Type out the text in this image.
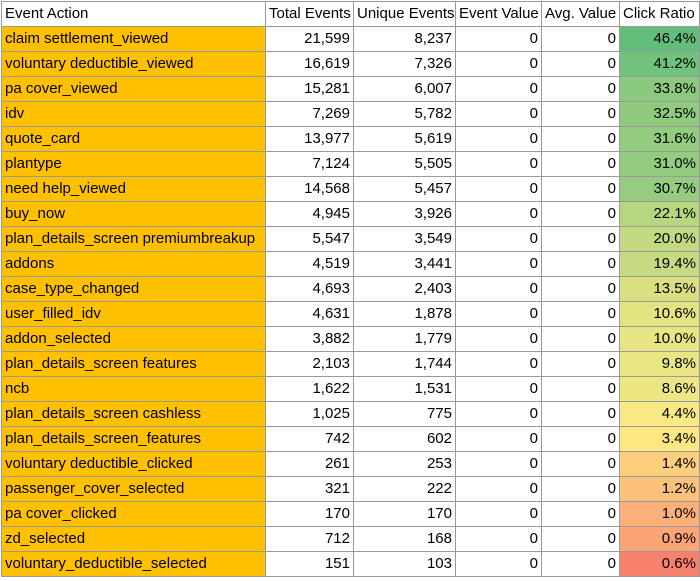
Event Action	Total Events	Unique Events	Event Value	Avg. Value	Click Ratio
claim settlement_viewed	21,599	8,237	0	0	46.4%
voluntary deductible_viewed	16,619	7,326	0	0	41.2%
pa cover_viewed	15,281	6,007	0	0	33.8%
idv	7,269	5,782	0	0	32.5%
quote_card	13,977	5,619	0	0	31.6%
plantype	7,124	5,505	0	0	31.0%
need help_viewed	14,568	5,457	0	0	30.7%
buy_now	4,945	3,926	0	0	22.1%
plan_details_screen premiumbreakup	5,547	3,549	0	0	20.0%
addons	4,519	3,441	0	0	19.4%
case_type_changed	4,693	2,403	0	0	13.5%
user_filled_idv	4,631	1,878	0	0	10.6%
addon_selected	3,882	1,779	0	0	10.0%
plan_details_screen features	2,103	1,744	0	0	9.8%
ncb	1,622	1,531	0	0	8.6%
plan_details_screen cashless	1,025	775	0	0	4.4%
plan_details_screen_features	742	602	0	0	3.4%
voluntary deductible_clicked	261	253	0	0	1.4%
passenger_cover_selected	321	222	0	0	1.2%
pa cover_clicked	170	170	0	0	1.0%
zd_selected	712	168	0	0	0.9%
voluntary_deductible_selected	151	103	0	0	0.6%
